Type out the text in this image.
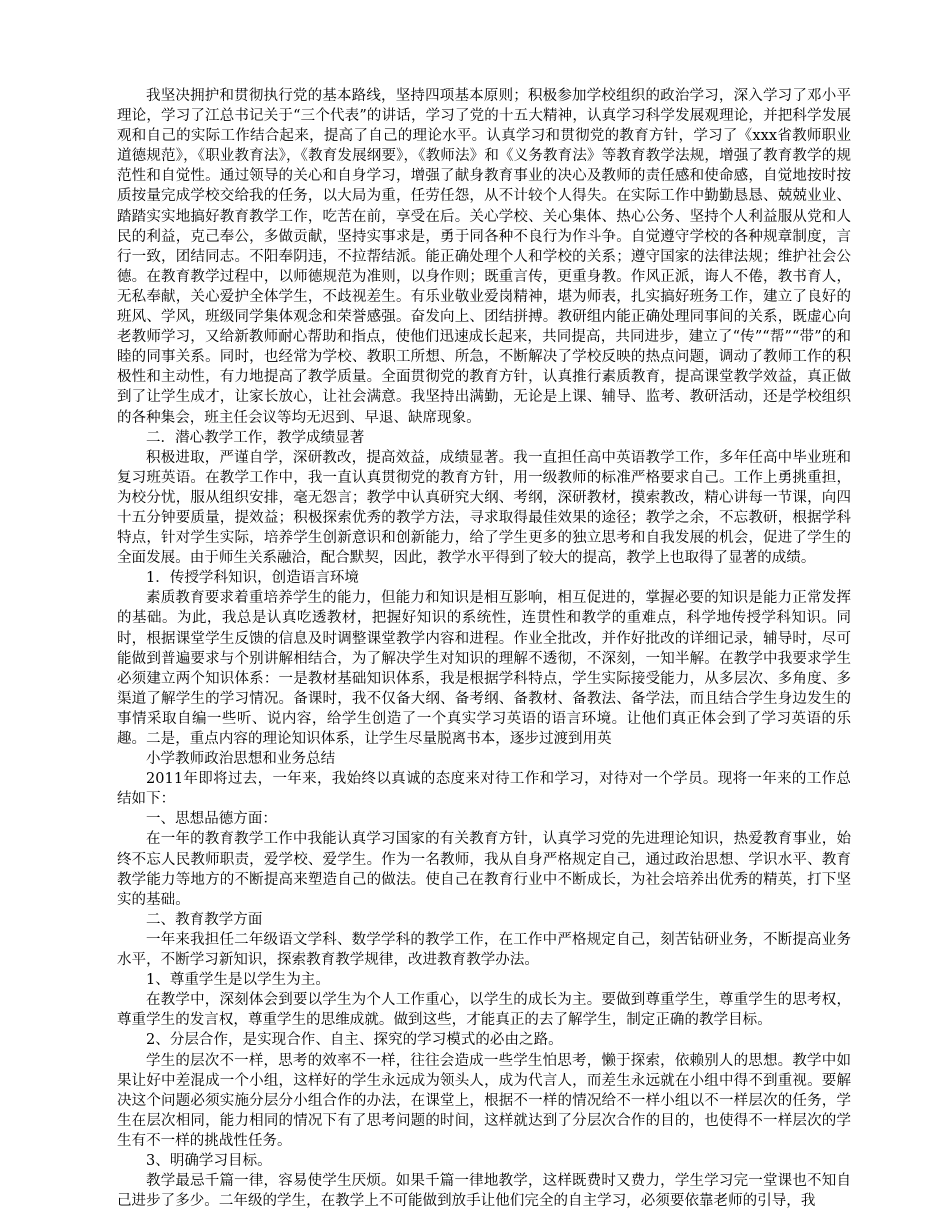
我坚决拥护和贯彻执行党的基本路线，坚持四项基本原则；积极参加学校组织的政治学习，深入学习了邓小平理论，学习了江总书记关于“三个代表”的讲话，学习了党的十五大精神，认真学习科学发展观理论，并把科学发展观和自己的实际工作结合起来，提高了自己的理论水平。认真学习和贯彻党的教育方针，学习了《xxx省教师职业道德规范》，《职业教育法》，《教育发展纲要》，《教师法》和《义务教育法》等教育教学法规，增强了教育教学的规范性和自觉性。通过领导的关心和自身学习，增强了献身教育事业的决心及教师的责任感和使命感，自觉地按时按质按量完成学校交给我的任务，以大局为重，任劳任怨，从不计较个人得失。在实际工作中勤勤恳恳、兢兢业业、踏踏实实地搞好教育教学工作，吃苦在前，享受在后。关心学校、关心集体、热心公务、坚持个人利益服从党和人民的利益，克己奉公，多做贡献，坚持实事求是，勇于同各种不良行为作斗争。自觉遵守学校的各种规章制度，言行一致，团结同志。不阳奉阴违，不拉帮结派。能正确处理个人和学校的关系；遵守国家的法律法规；维护社会公德。在教育教学过程中，以师德规范为准则，以身作则；既重言传，更重身教。作风正派，诲人不倦，教书育人，无私奉献，关心爱护全体学生，不歧视差生。有乐业敬业爱岗精神，堪为师表，扎实搞好班务工作，建立了良好的班风、学风，班级同学集体观念和荣誉感强。奋发向上、团结拼搏。教研组内能正确处理同事间的关系，既虚心向老教师学习，又给新教师耐心帮助和指点，使他们迅速成长起来，共同提高，共同进步，建立了“传”“帮”“带”的和睦的同事关系。同时，也经常为学校、教职工所想、所急，不断解决了学校反映的热点问题，调动了教师工作的积极性和主动性，有力地提高了教学质量。全面贯彻党的教育方针，认真推行素质教育，提高课堂教学效益，真正做到了让学生成才，让家长放心，让社会满意。我坚持出满勤，无论是上课、辅导、监考、教研活动，还是学校组织的各种集会，班主任会议等均无迟到、早退、缺席现象。

二．潜心教学工作，教学成绩显著

积极进取，严谨自学，深研教改，提高效益，成绩显著。我一直担任高中英语教学工作，多年任高中毕业班和复习班英语。在教学工作中，我一直认真贯彻党的教育方针，用一级教师的标准严格要求自己。工作上勇挑重担，为校分忧，服从组织安排，毫无怨言；教学中认真研究大纲、考纲，深研教材，摸索教改，精心讲每一节课，向四十五分钟要质量，提效益；积极探索优秀的教学方法，寻求取得最佳效果的途径；教学之余，不忘教研，根据学科特点，针对学生实际，培养学生创新意识和创新能力，给了学生更多的独立思考和自我发展的机会，促进了学生的全面发展。由于师生关系融洽，配合默契，因此，教学水平得到了较大的提高，教学上也取得了显著的成绩。

1．传授学科知识，创造语言环境

素质教育要求着重培养学生的能力，但能力和知识是相互影响，相互促进的，掌握必要的知识是能力正常发挥的基础。为此，我总是认真吃透教材，把握好知识的系统性，连贯性和教学的重难点，科学地传授学科知识。同时，根据课堂学生反馈的信息及时调整课堂教学内容和进程。作业全批改，并作好批改的详细记录，辅导时，尽可能做到普遍要求与个别讲解相结合，为了解决学生对知识的理解不透彻，不深刻，一知半解。在教学中我要求学生必须建立两个知识体系：一是教材基础知识体系，我是根据学科特点，学生实际接受能力，从多层次、多角度、多渠道了解学生的学习情况。备课时，我不仅备大纲、备考纲、备教材、备教法、备学法，而且结合学生身边发生的事情采取自编一些听、说内容，给学生创造了一个真实学习英语的语言环境。让他们真正体会到了学习英语的乐趣。二是，重点内容的理论知识体系，让学生尽量脱离书本，逐步过渡到用英

小学教师政治思想和业务总结

2011年即将过去，一年来，我始终以真诚的态度来对待工作和学习，对待对一个学员。现将一年来的工作总结如下：

一、思想品德方面：

在一年的教育教学工作中我能认真学习国家的有关教育方针，认真学习党的先进理论知识，热爱教育事业，始终不忘人民教师职责，爱学校、爱学生。作为一名教师，我从自身严格规定自己，通过政治思想、学识水平、教育教学能力等地方的不断提高来塑造自己的做法。使自己在教育行业中不断成长，为社会培养出优秀的精英，打下坚实的基础。

二、教育教学方面

一年来我担任二年级语文学科、数学学科的教学工作，在工作中严格规定自己，刻苦钻研业务，不断提高业务水平，不断学习新知识，探索教育教学规律，改进教育教学办法。

1、尊重学生是以学生为主。

在教学中，深刻体会到要以学生为个人工作重心，以学生的成长为主。要做到尊重学生，尊重学生的思考权，尊重学生的发言权，尊重学生的思维成就。做到这些，才能真正的去了解学生，制定正确的教学目标。

2、分层合作，是实现合作、自主、探究的学习模式的必由之路。

学生的层次不一样，思考的效率不一样，往往会造成一些学生怕思考，懒于探索，依赖别人的思想。教学中如果让好中差混成一个小组，这样好的学生永远成为领头人，成为代言人，而差生永远就在小组中得不到重视。要解决这个问题必须实施分层分小组合作的办法，在课堂上，根据不一样的情况给不一样小组以不一样层次的任务，学生在层次相同，能力相同的情况下有了思考问题的时间，这样就达到了分层次合作的目的，也使得不一样层次的学生有不一样的挑战性任务。

3、明确学习目标。

教学最忌千篇一律，容易使学生厌烦。如果千篇一律地教学，这样既费时又费力，学生学习完一堂课也不知自己进步了多少。二年级的学生，在教学上不可能做到放手让他们完全的自主学习，必须要依靠老师的引导，我
